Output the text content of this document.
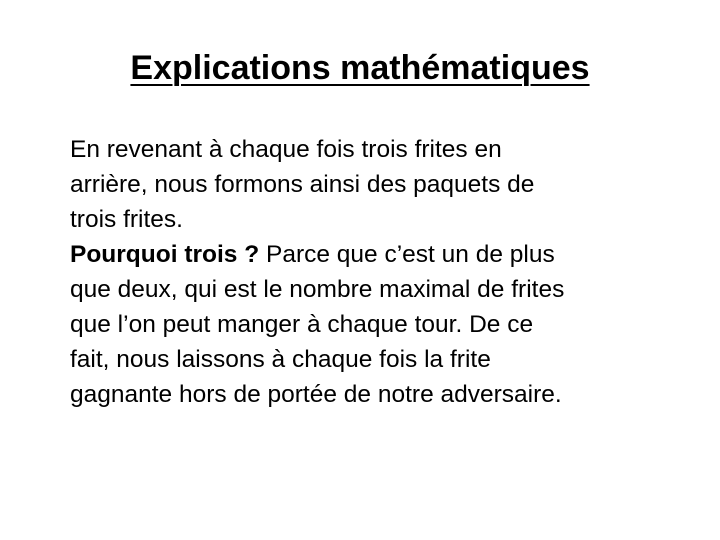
Explications mathématiques

En revenant à chaque fois trois frites en
arrière, nous formons ainsi des paquets de
trois frites.

Pourquoi trois ? Parce que c’est un de plus
que deux, qui est le nombre maximal de frites
que l’on peut manger à chaque tour. De ce
fait, nous laissons à chaque fois la frite
gagnante hors de portée de notre adversaire.
